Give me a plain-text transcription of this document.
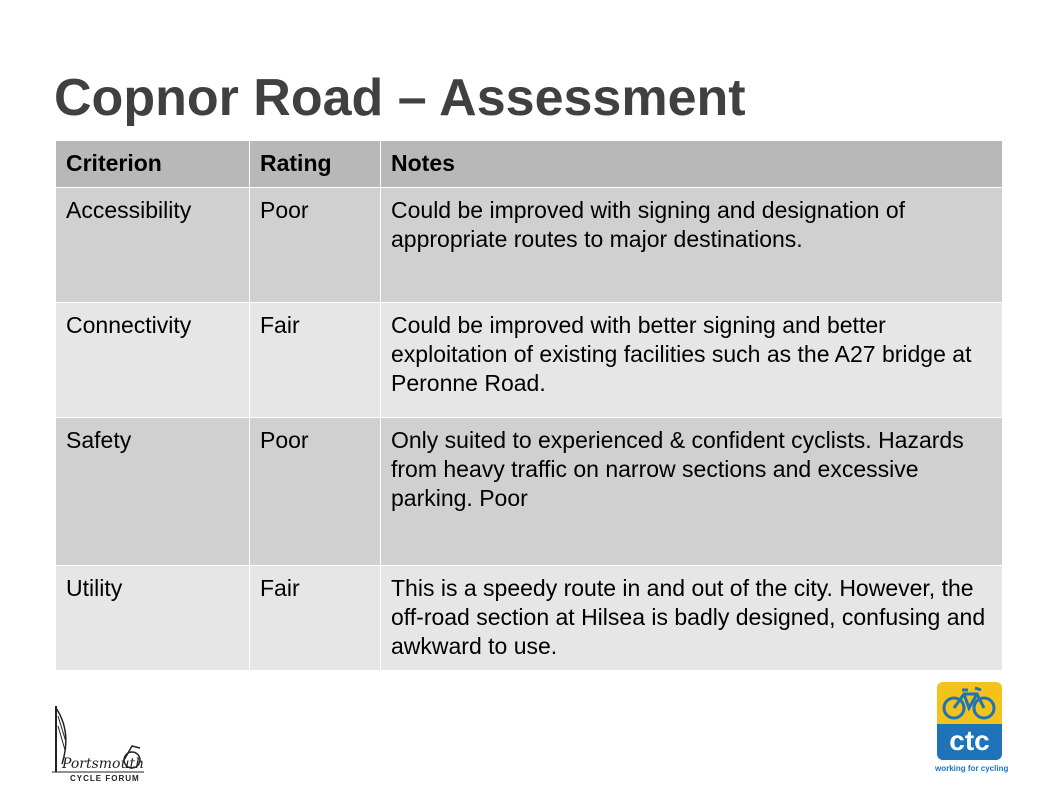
Copnor Road – Assessment
Criterion	Rating	Notes
Accessibility	Poor	Could be improved with signing and designation of appropriate routes to major destinations.
Connectivity	Fair	Could be improved with better signing and better exploitation of existing facilities such as the A27 bridge at Peronne Road.
Safety	Poor	Only suited to experienced & confident cyclists. Hazards from heavy traffic on narrow sections and excessive parking. Poor
Utility	Fair	This is a speedy route in and out of the city. However, the off-road section at Hilsea is badly designed, confusing and awkward to use.
Portsmouth
CYCLE FORUM
ctc
working for cycling
